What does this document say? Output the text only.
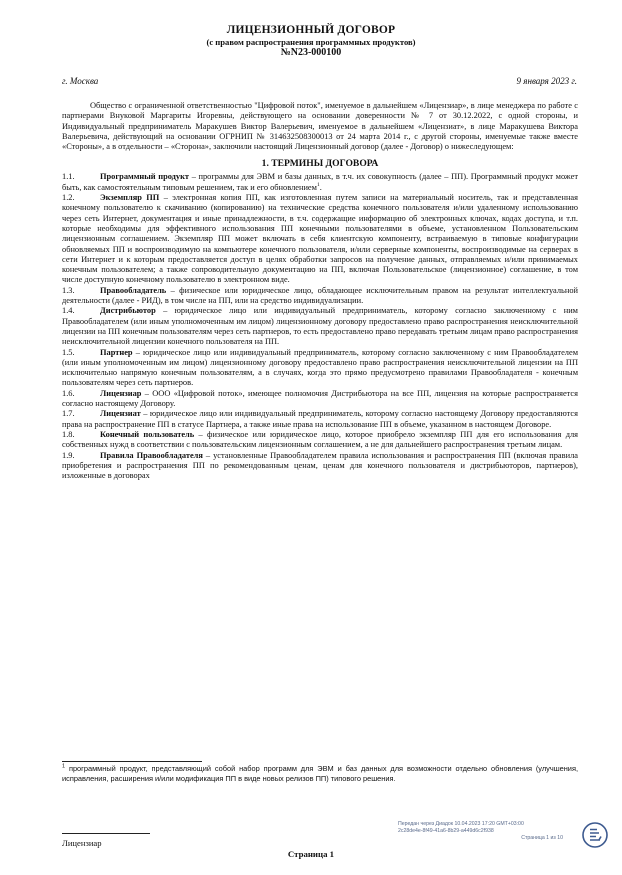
ЛИЦЕНЗИОННЫЙ ДОГОВОР
(с правом распространения программных продуктов)
№N23-000100
г. Москва	9 января 2023 г.

Общество с ограниченной ответственностью "Цифровой поток", именуемое в дальнейшем «Лицензиар», в лице менеджера по работе с партнерами Внуковой Маргариты Игоревны, действующего на основании доверенности № 7 от 30.12.2022, с одной стороны, и Индивидуальный предприниматель Маракушев Виктор Валерьевич, именуемое в дальнейшем «Лицензиат», в лице Маракушева Виктора Валерьевича, действующий на основании ОГРНИП № 314632508300013 от 24 марта 2014 г., с другой стороны, именуемые также вместе «Стороны», а в отдельности – «Сторона», заключили настоящий Лицензионный договор (далее - Договор) о нижеследующем:

1. ТЕРМИНЫ ДОГОВОРА

1.1.	Программный продукт – программы для ЭВМ и базы данных, в т.ч. их совокупность (далее – ПП). Программный продукт может быть, как самостоятельным типовым решением, так и его обновлением$^1$.

1.2.	Экземпляр ПП – электронная копия ПП, как изготовленная путем записи на материальный носитель, так и представленная конечному пользователю к скачиванию (копированию) на технические средства конечного пользователя и/или удаленному использованию через сеть Интернет, документация и иные принадлежности, в т.ч. содержащие информацию об электронных ключах, кодах доступа, и т.п. которые необходимы для эффективного использования ПП конечными пользователями в объеме, установленном Пользовательским лицензионным соглашением. Экземпляр ПП может включать в себя клиентскую компоненту, встраиваемую в типовые конфигурации обновляемых ПП и воспроизводимую на компьютере конечного пользователя, и/или серверные компоненты, воспроизводимые на серверах в сети Интернет и к которым предоставляется доступ в целях обработки запросов на получение данных, отправляемых и/или принимаемых конечным пользователем; а также сопроводительную документацию на ПП, включая Пользовательское (лицензионное) соглашение, в том числе доступную конечному пользователю в электронном виде.

1.3.	Правообладатель – физическое или юридическое лицо, обладающее исключительным правом на результат интеллектуальной деятельности (далее - РИД), в том числе на ПП, или на средство индивидуализации.

1.4.	Дистрибьютор – юридическое лицо или индивидуальный предприниматель, которому согласно заключенному с ним Правообладателем (или иным уполномоченным им лицом) лицензионному договору предоставлено право распространения неисключительной лицензии на ПП конечным пользователям через сеть партнеров, то есть предоставлено право передавать третьим лицам право распространения неисключительной лицензии конечного пользователя на ПП.

1.5.	Партнер – юридическое лицо или индивидуальный предприниматель, которому согласно заключенному с ним Правообладателем (или иным уполномоченным им лицом) лицензионному договору предоставлено право распространения неисключительной лицензии на ПП исключительно напрямую конечным пользователям, а в случаях, когда это прямо предусмотрено правилами Правообладателя - конечным пользователям через сеть партнеров.

1.6.	Лицензиар – ООО «Цифровой поток», имеющее полномочия Дистрибьютора на все ПП, лицензия на которые распространяется согласно настоящему Договору.

1.7.	Лицензиат – юридическое лицо или индивидуальный предприниматель, которому согласно настоящему Договору предоставляются права на распространение ПП в статусе Партнера, а также иные права на использование ПП в объеме, указанном в настоящем Договоре.

1.8.	Конечный пользователь – физическое или юридическое лицо, которое приобрело экземпляр ПП для его использования для собственных нужд в соответствии с пользовательским лицензионным соглашением, а не для дальнейшего распространения третьим лицам.

1.9.	Правила Правообладателя – установленные Правообладателем правила использования и распространения ПП (включая правила приобретения и распространения ПП по рекомендованным ценам, ценам для конечного пользователя и дистрибьюторов, партнеров), изложенные в договорах

$^1$ программный продукт, представляющий собой набор программ для ЭВМ и баз данных для возможности отдельно обновления (улучшения, исправления, расширения и/или модификация ПП в виде новых релизов ПП) типового решения.
Передан через Диадок 10.04.2023 17:20 GMT+03:00
2c28de4e-8f49-41a6-8b29-a449d6c2f938
Страница 1 из 10
Лицензиар
Страница 1
